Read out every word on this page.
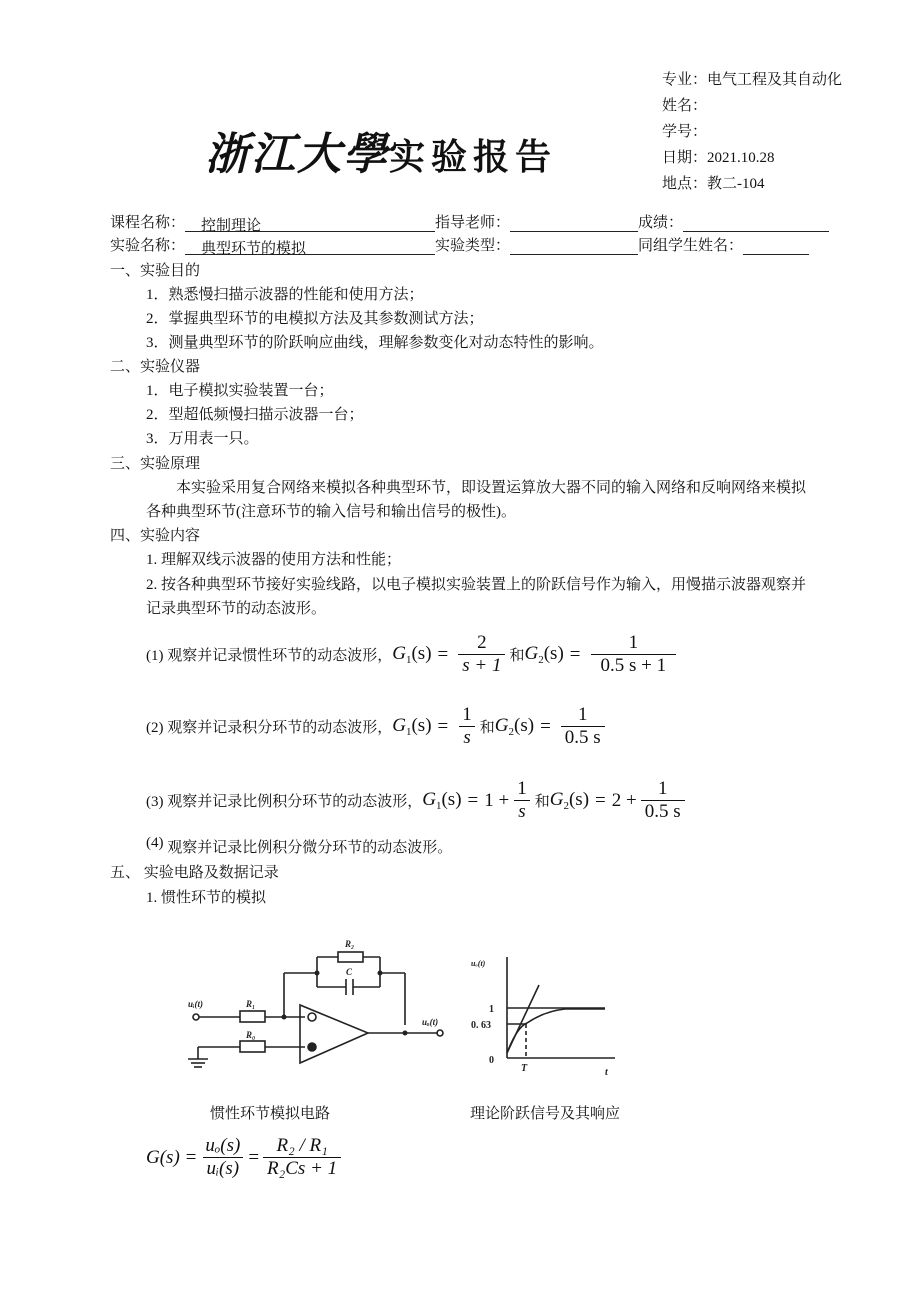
浙江大學实验报告
专业：电气工程及其自动化
姓名：
学号：
日期：2021.10.28
地点：教二-104
课程名称： 控制理论	指导老师：	成绩：
实验名称： 典型环节的模拟	实验类型：	同组学生姓名：
一、实验目的
1．熟悉慢扫描示波器的性能和使用方法；
2．掌握典型环节的电模拟方法及其参数测试方法；
3．测量典型环节的阶跃响应曲线，理解参数变化对动态特性的影响。
二、实验仪器
1．电子模拟实验装置一台；
2．型超低频慢扫描示波器一台；
3．万用表一只。
三、实验原理
本实验采用复合网络来模拟各种典型环节，即设置运算放大器不同的输入网络和反响网络来模拟
各种典型环节(注意环节的输入信号和输出信号的极性)。
四、实验内容
1. 理解双线示波器的使用方法和性能；
2. 按各种典型环节接好实验线路，以电子模拟实验装置上的阶跃信号作为输入，用慢描示波器观察并
记录典型环节的动态波形。
(1) 观察并记录惯性环节的动态波形， $G_1(s) = \frac{2}{s + 1}$ 和 $G_2(s) = \frac{1}{0.5 s + 1}$
(2) 观察并记录积分环节的动态波形， $G_1(s) = \frac{1}{s}$ 和 $G_2(s) = \frac{1}{0.5 s}$
(3) 观察并记录比例积分环节的动态波形， $G_1(s) = 1 + \frac{1}{s}$ 和 $G_2(s) = 2 + \frac{1}{0.5 s}$
(4) 观察并记录比例积分微分环节的动态波形。
五、 实验电路及数据记录
1. 惯性环节的模拟
R₂
C
R₁
R₀
uᵢ(t)
uₒ(t)
uₒ(t)
1
0. 63
0
T	t
惯性环节模拟电路	理论阶跃信号及其响应
$G(s) = \frac{\text{uₒ(s)}}{\text{uᵢ(s)}} = \frac{\text{R₂ / R₁}}{\text{R₂Cs + 1}}$
